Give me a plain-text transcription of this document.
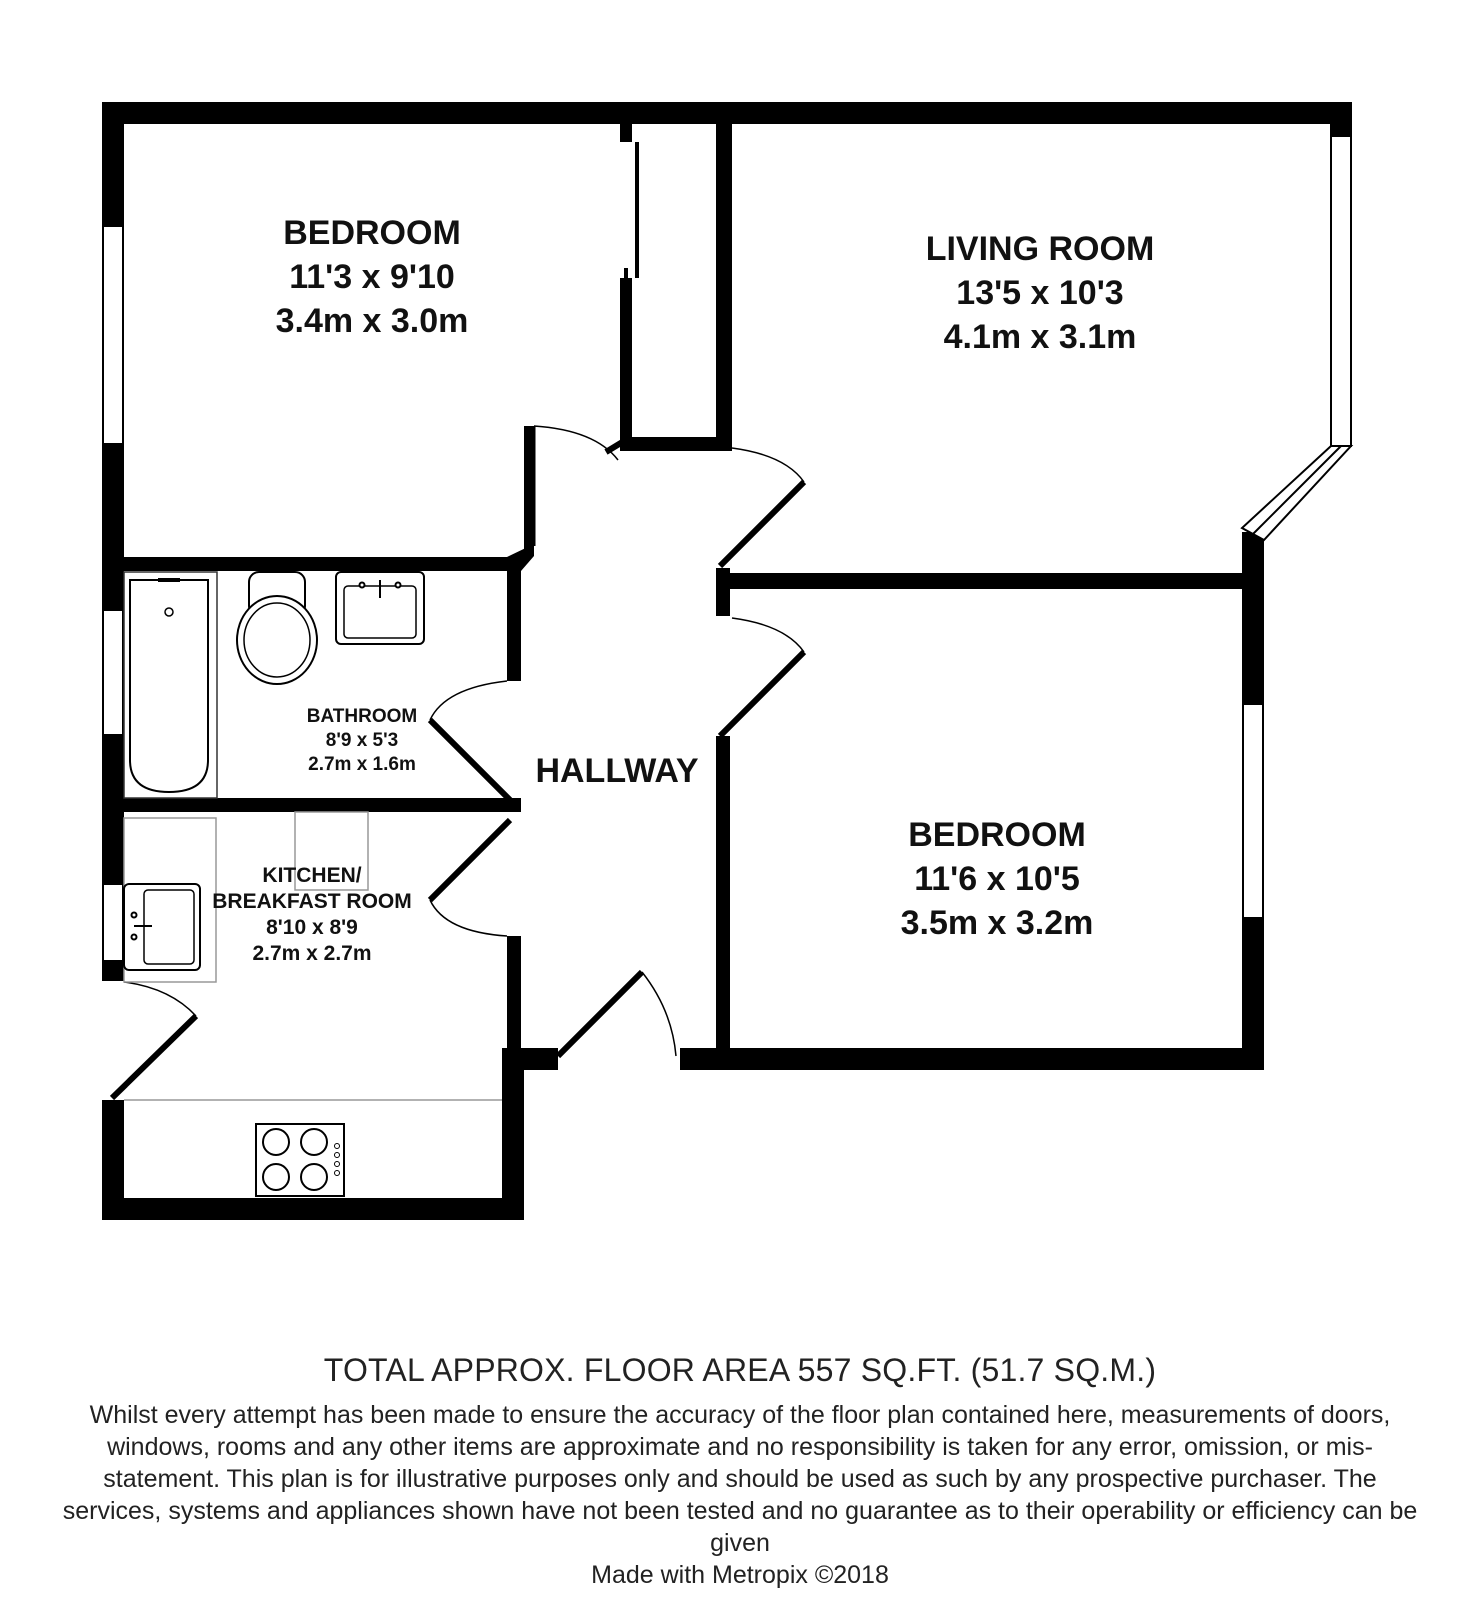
BEDROOM
11'3 x 9'10
3.4m x 3.0m
LIVING ROOM
13'5 x 10'3
4.1m x 3.1m
BATHROOM
8'9 x 5'3
2.7m x 1.6m	HALLWAY
BEDROOM
11'6 x 10'5
3.5m x 3.2m
KITCHEN/
BREAKFAST ROOM
8'10 x 8'9
2.7m x 2.7m
TOTAL APPROX. FLOOR AREA 557 SQ.FT. (51.7 SQ.M.)
Whilst every attempt has been made to ensure the accuracy of the floor plan contained here, measurements of doors, windows, rooms and any other items are approximate and no responsibility is taken for any error, omission, or mis-statement. This plan is for illustrative purposes only and should be used as such by any prospective purchaser. The services, systems and appliances shown have not been tested and no guarantee as to their operability or efficiency can be given
Made with Metropix ©2018
